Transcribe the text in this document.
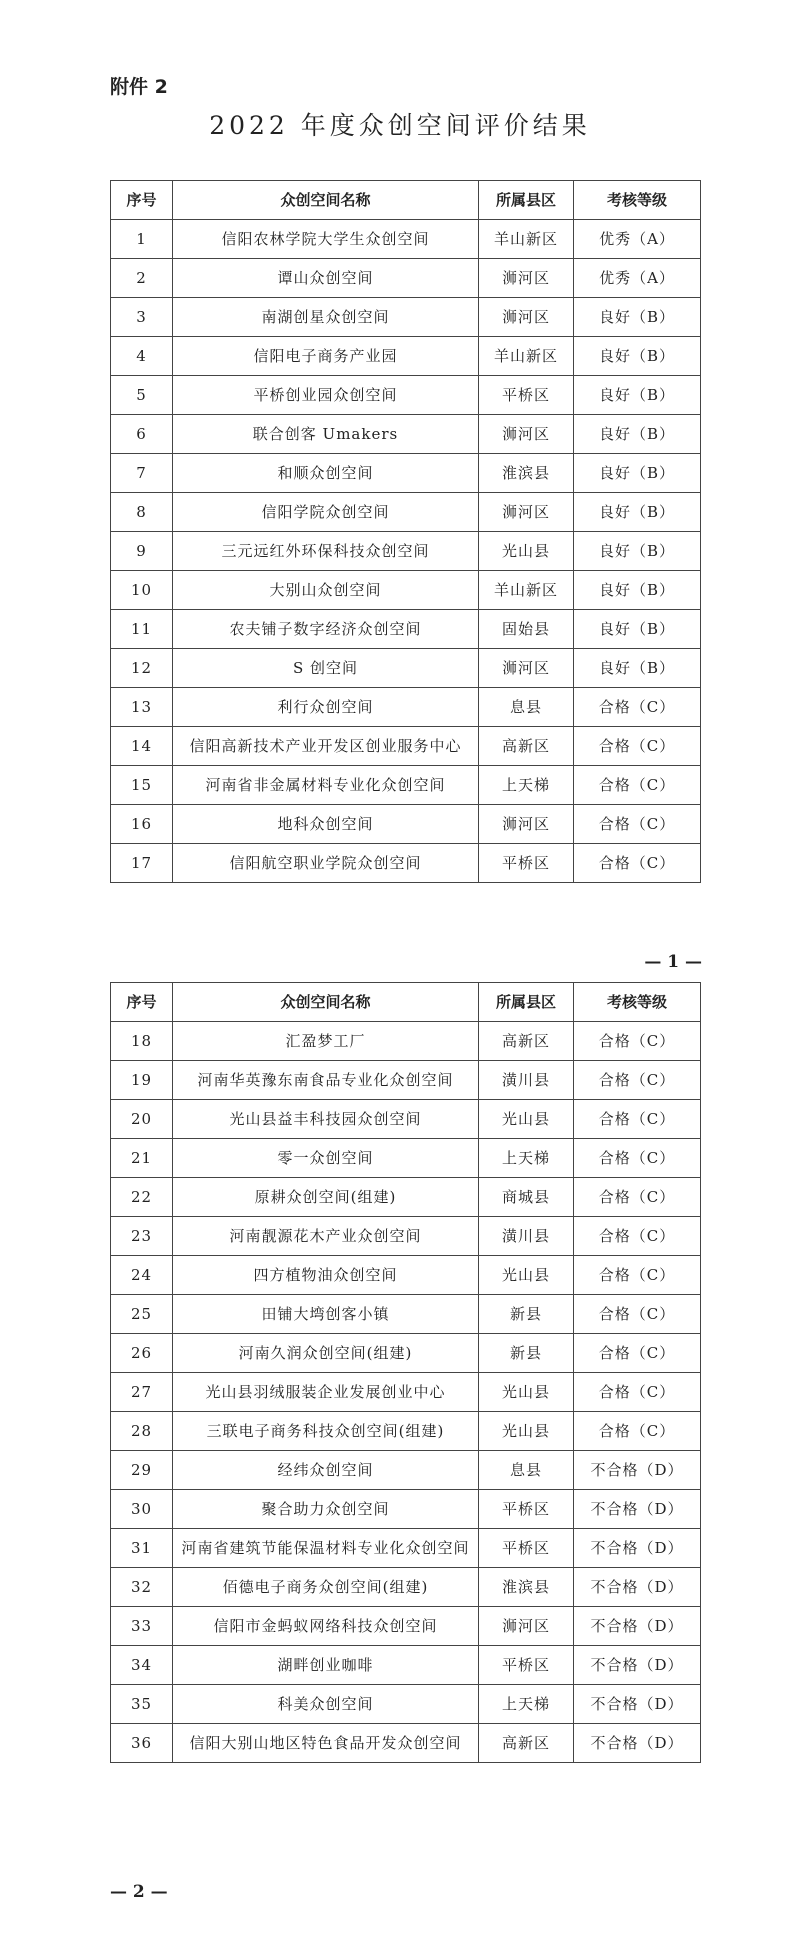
附件 2
2022 年度众创空间评价结果
序号	众创空间名称	所属县区	考核等级
1	信阳农林学院大学生众创空间	羊山新区	优秀（A）
2	谭山众创空间	浉河区	优秀（A）
3	南湖创星众创空间	浉河区	良好（B）
4	信阳电子商务产业园	羊山新区	良好（B）
5	平桥创业园众创空间	平桥区	良好（B）
6	联合创客 Umakers	浉河区	良好（B）
7	和顺众创空间	淮滨县	良好（B）
8	信阳学院众创空间	浉河区	良好（B）
9	三元远红外环保科技众创空间	光山县	良好（B）
10	大别山众创空间	羊山新区	良好（B）
11	农夫铺子数字经济众创空间	固始县	良好（B）
12	S 创空间	浉河区	良好（B）
13	利行众创空间	息县	合格（C）
14	信阳高新技术产业开发区创业服务中心	高新区	合格（C）
15	河南省非金属材料专业化众创空间	上天梯	合格（C）
16	地科众创空间	浉河区	合格（C）
17	信阳航空职业学院众创空间	平桥区	合格（C）
— 1 —
序号	众创空间名称	所属县区	考核等级
18	汇盈梦工厂	高新区	合格（C）
19	河南华英豫东南食品专业化众创空间	潢川县	合格（C）
20	光山县益丰科技园众创空间	光山县	合格（C）
21	零一众创空间	上天梯	合格（C）
22	原耕众创空间(组建)	商城县	合格（C）
23	河南靓源花木产业众创空间	潢川县	合格（C）
24	四方植物油众创空间	光山县	合格（C）
25	田铺大塆创客小镇	新县	合格（C）
26	河南久润众创空间(组建)	新县	合格（C）
27	光山县羽绒服装企业发展创业中心	光山县	合格（C）
28	三联电子商务科技众创空间(组建)	光山县	合格（C）
29	经纬众创空间	息县	不合格（D）
30	聚合助力众创空间	平桥区	不合格（D）
31	河南省建筑节能保温材料专业化众创空间	平桥区	不合格（D）
32	佰德电子商务众创空间(组建)	淮滨县	不合格（D）
33	信阳市金蚂蚁网络科技众创空间	浉河区	不合格（D）
34	湖畔创业咖啡	平桥区	不合格（D）
35	科美众创空间	上天梯	不合格（D）
36	信阳大别山地区特色食品开发众创空间	高新区	不合格（D）
— 2 —
